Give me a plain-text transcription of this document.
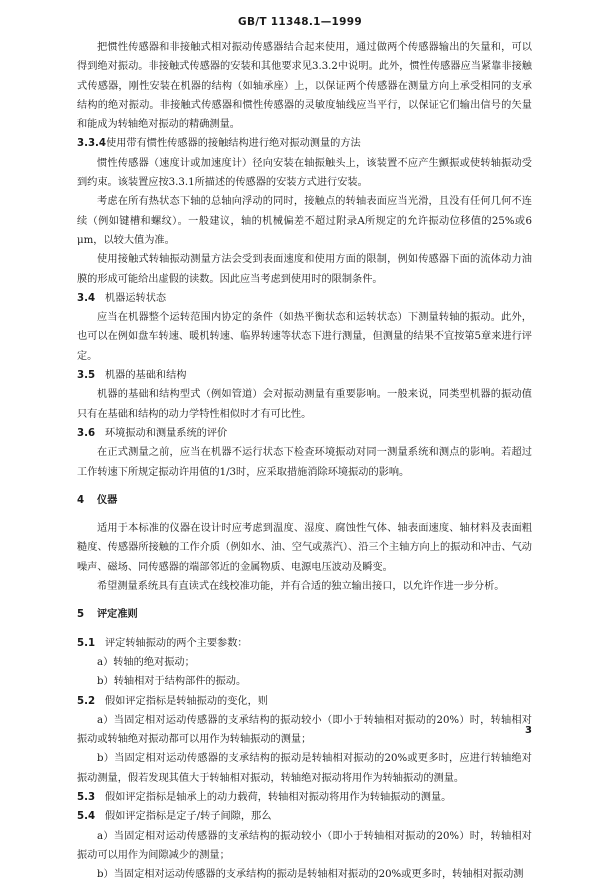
GB/T 11348.1—1999

把惯性传感器和非接触式相对振动传感器结合起来使用，通过做两个传感器输出的矢量和，可以得到绝对振动。非接触式传感器的安装和其他要求见3.3.2中说明。此外，惯性传感器应当紧靠非接触式传感器，刚性安装在机器的结构（如轴承座）上，以保证两个传感器在测量方向上承受相同的支承结构的绝对振动。非接触式传感器和惯性传感器的灵敏度轴线应当平行，以保证它们输出信号的矢量和能成为转轴绝对振动的精确测量。

3.3.4使用带有惯性传感器的接触结构进行绝对振动测量的方法

惯性传感器（速度计或加速度计）径向安装在轴振触头上，该装置不应产生颤振或使转轴振动受到约束。该装置应按3.3.1所描述的传感器的安装方式进行安装。

考虑在所有热状态下轴的总轴向浮动的同时，接触点的转轴表面应当光滑，且没有任何几何不连续（例如键槽和螺纹）。一般建议，轴的机械偏差不超过附录A所规定的允许振动位移值的25%或6 μm，以较大值为准。

使用接触式转轴振动测量方法会受到表面速度和使用方面的限制，例如传感器下面的流体动力油膜的形成可能给出虚假的读数。因此应当考虑到使用时的限制条件。

3.4 机器运转状态

应当在机器整个运转范围内协定的条件（如热平衡状态和运转状态）下测量转轴的振动。此外，也可以在例如盘车转速、暖机转速、临界转速等状态下进行测量，但测量的结果不宜按第5章来进行评定。

3.5 机器的基础和结构

机器的基础和结构型式（例如管道）会对振动测量有重要影响。一般来说，同类型机器的振动值只有在基础和结构的动力学特性相似时才有可比性。

3.6 环境振动和测量系统的评价

在正式测量之前，应当在机器不运行状态下检查环境振动对同一测量系统和测点的影响。若超过工作转速下所规定振动许用值的1/3时，应采取措施消除环境振动的影响。

4 仪器

适用于本标准的仪器在设计时应考虑到温度、湿度、腐蚀性气体、轴表面速度、轴材料及表面粗糙度、传感器所接触的工作介质（例如水、油、空气或蒸汽）、沿三个主轴方向上的振动和冲击、气动噪声、磁场、同传感器的端部邻近的金属物质、电源电压波动及瞬变。

希望测量系统具有直读式在线校准功能，并有合适的独立输出接口，以允许作进一步分析。

5 评定准则

5.1 评定转轴振动的两个主要参数：

a）转轴的绝对振动；

b）转轴相对于结构部件的振动。

5.2 假如评定指标是转轴振动的变化，则

a）当固定相对运动传感器的支承结构的振动较小（即小于转轴相对振动的20%）时，转轴相对振动或转轴绝对振动都可以用作为转轴振动的测量；

b）当固定相对运动传感器的支承结构的振动是转轴相对振动的20%或更多时，应进行转轴绝对振动测量，假若发现其值大于转轴相对振动，转轴绝对振动将用作为转轴振动的测量。

5.3 假如评定指标是轴承上的动力载荷，转轴相对振动将用作为转轴振动的测量。

5.4 假如评定指标是定子/转子间隙，那么

a）当固定相对运动传感器的支承结构的振动较小（即小于转轴相对振动的20%）时，转轴相对振动可以用作为间隙减少的测量；

b）当固定相对运动传感器的支承结构的振动是转轴相对振动的20%或更多时，转轴相对振动测

3
